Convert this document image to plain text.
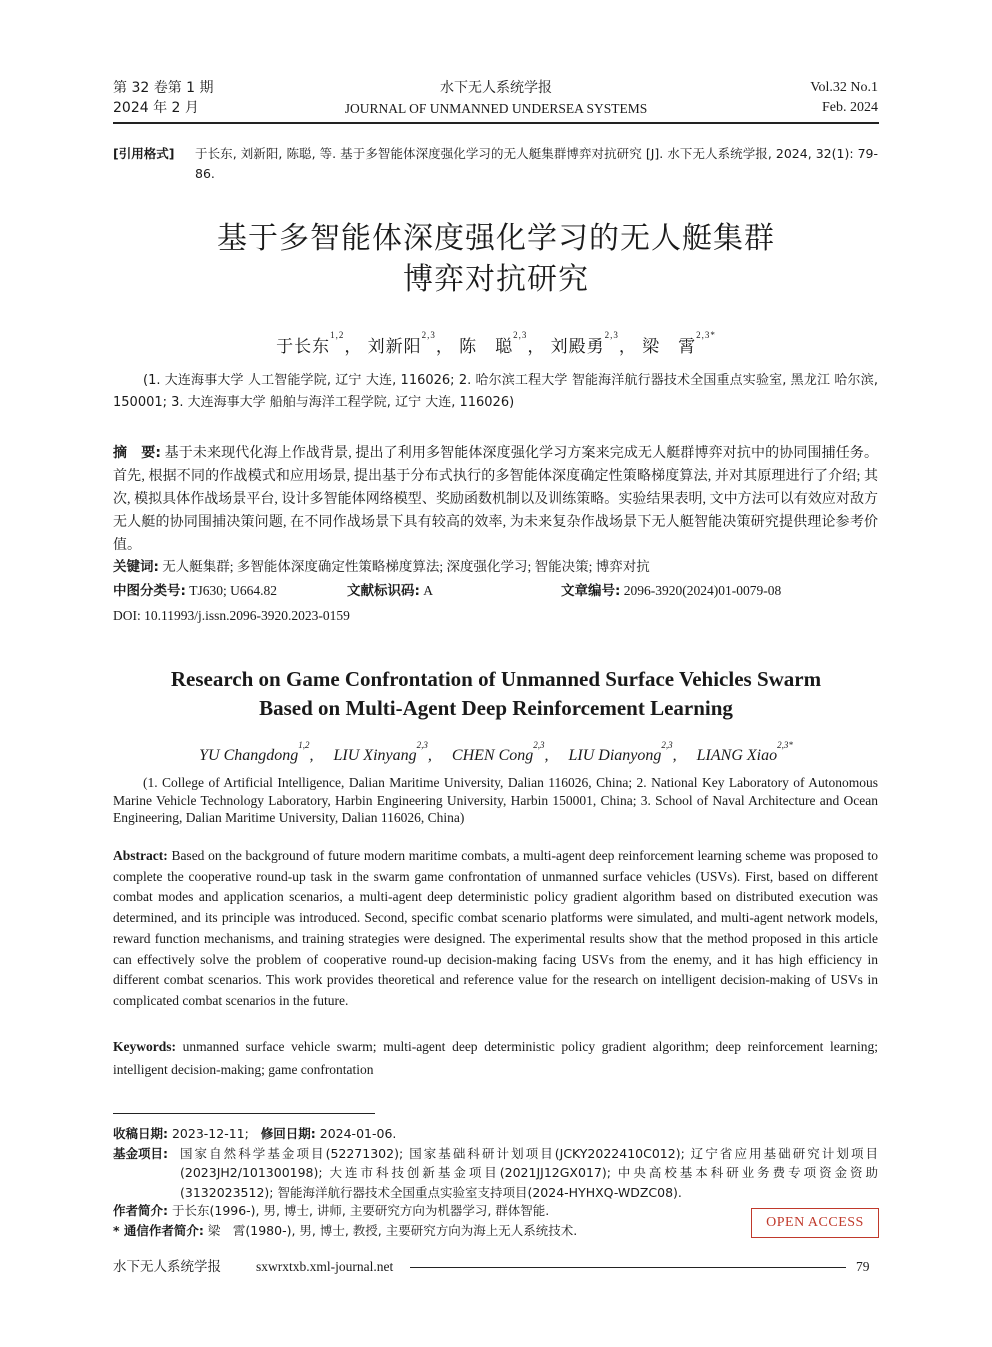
第 32 卷第 1 期
2024 年 2 月
水下无人系统学报
JOURNAL OF UNMANNED UNDERSEA SYSTEMS
Vol.32 No.1
Feb. 2024
[引用格式] 于长东, 刘新阳, 陈聪, 等. 基于多智能体深度强化学习的无人艇集群博弈对抗研究 [J]. 水下无人系统学报, 2024, 32(1): 79-86.
基于多智能体深度强化学习的无人艇集群
博弈对抗研究
于长东$^{1,2}$， 刘新阳$^{2,3}$， 陈　聪$^{2,3}$， 刘殿勇$^{2,3}$， 梁　霄$^{2,3*}$
(1. 大连海事大学 人工智能学院, 辽宁 大连, 116026; 2. 哈尔滨工程大学 智能海洋航行器技术全国重点实验室, 黑龙江 哈尔滨, 150001; 3. 大连海事大学 船舶与海洋工程学院, 辽宁 大连, 116026)
摘　要: 基于未来现代化海上作战背景, 提出了利用多智能体深度强化学习方案来完成无人艇群博弈对抗中的协同围捕任务。首先, 根据不同的作战模式和应用场景, 提出基于分布式执行的多智能体深度确定性策略梯度算法, 并对其原理进行了介绍; 其次, 模拟具体作战场景平台, 设计多智能体网络模型、奖励函数机制以及训练策略。实验结果表明, 文中方法可以有效应对敌方无人艇的协同围捕决策问题, 在不同作战场景下具有较高的效率, 为未来复杂作战场景下无人艇智能决策研究提供理论参考价值。
关键词: 无人艇集群; 多智能体深度确定性策略梯度算法; 深度强化学习; 智能决策; 博弈对抗
中图分类号: TJ630; U664.82	文献标识码: A	文章编号: 2096-3920(2024)01-0079-08
DOI: 10.11993/j.issn.2096-3920.2023-0159
Research on Game Confrontation of Unmanned Surface Vehicles Swarm
Based on Multi-Agent Deep Reinforcement Learning
YU Changdong$^{1,2}$,　 LIU Xinyang$^{2,3}$,　 CHEN Cong$^{2,3}$,　 LIU Dianyong$^{2,3}$,　 LIANG Xiao$^{2,3*}$
(1. College of Artificial Intelligence, Dalian Maritime University, Dalian 116026, China; 2. National Key Laboratory of Autonomous Marine Vehicle Technology Laboratory, Harbin Engineering University, Harbin 150001, China; 3. School of Naval Architecture and Ocean Engineering, Dalian Maritime University, Dalian 116026, China)
Abstract: Based on the background of future modern maritime combats, a multi-agent deep reinforcement learning scheme was proposed to complete the cooperative round-up task in the swarm game confrontation of unmanned surface vehicles (USVs). First, based on different combat modes and application scenarios, a multi-agent deep deterministic policy gradient algorithm based on distributed execution was determined, and its principle was introduced. Second, specific combat scenario platforms were simulated, and multi-agent network models, reward function mechanisms, and training strategies were designed. The experimental results show that the method proposed in this article can effectively solve the problem of cooperative round-up decision-making facing USVs from the enemy, and it has high efficiency in different combat scenarios. This work provides theoretical and reference value for the research on intelligent decision-making of USVs in complicated combat scenarios in the future.
Keywords: unmanned surface vehicle swarm; multi-agent deep deterministic policy gradient algorithm; deep reinforcement learning; intelligent decision-making; game confrontation
收稿日期: 2023-12-11; 修回日期: 2024-01-06.
基金项目: 国家自然科学基金项目(52271302); 国家基础科研计划项目(JCKY2022410C012); 辽宁省应用基础研究计划项目(2023JH2/101300198); 大连市科技创新基金项目(2021JJ12GX017); 中央高校基本科研业务费专项资金资助(3132023512); 智能海洋航行器技术全国重点实验室支持项目(2024-HYHXQ-WDZC08).
作者简介: 于长东(1996-), 男, 博士, 讲师, 主要研究方向为机器学习, 群体智能.
* 通信作者简介: 梁　霄(1980-), 男, 博士, 教授, 主要研究方向为海上无人系统技术.
OPEN ACCESS
水下无人系统学报	sxwrxtxb.xml-journal.net	79
